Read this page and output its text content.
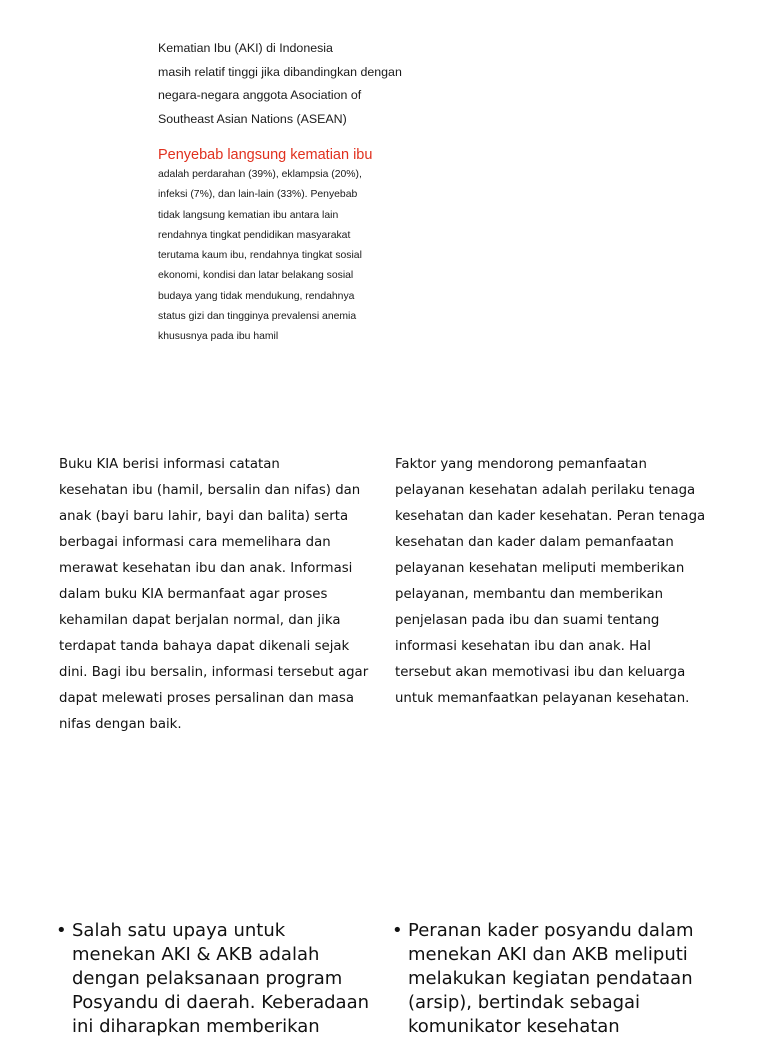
Kematian Ibu (AKI) di Indonesia
masih relatif tinggi jika dibandingkan dengan
negara-negara anggota Asociation of
Southeast Asian Nations (ASEAN)
Penyebab langsung kematian ibu
adalah perdarahan (39%), eklampsia (20%),
infeksi (7%), dan lain-lain (33%). Penyebab
tidak langsung kematian ibu antara lain
rendahnya tingkat pendidikan masyarakat
terutama kaum ibu, rendahnya tingkat sosial
ekonomi, kondisi dan latar belakang sosial
budaya yang tidak mendukung, rendahnya
status gizi dan tingginya prevalensi anemia
khususnya pada ibu hamil
Buku KIA berisi informasi catatan
kesehatan ibu (hamil, bersalin dan nifas) dan
anak (bayi baru lahir, bayi dan balita) serta
berbagai informasi cara memelihara dan
merawat kesehatan ibu dan anak. Informasi
dalam buku KIA bermanfaat agar proses
kehamilan dapat berjalan normal, dan jika
terdapat tanda bahaya dapat dikenali sejak
dini. Bagi ibu bersalin, informasi tersebut agar
dapat melewati proses persalinan dan masa
nifas dengan baik.
Faktor yang mendorong pemanfaatan
pelayanan kesehatan adalah perilaku tenaga
kesehatan dan kader kesehatan. Peran tenaga
kesehatan dan kader dalam pemanfaatan
pelayanan kesehatan meliputi memberikan
pelayanan, membantu dan memberikan
penjelasan pada ibu dan suami tentang
informasi kesehatan ibu dan anak. Hal
tersebut akan memotivasi ibu dan keluarga
untuk memanfaatkan pelayanan kesehatan.
• Salah satu upaya untuk
menekan AKI & AKB adalah
dengan pelaksanaan program
Posyandu di daerah. Keberadaan
ini diharapkan memberikan
• Peranan kader posyandu dalam
menekan AKI dan AKB meliputi
melakukan kegiatan pendataan
(arsip), bertindak sebagai
komunikator kesehatan
